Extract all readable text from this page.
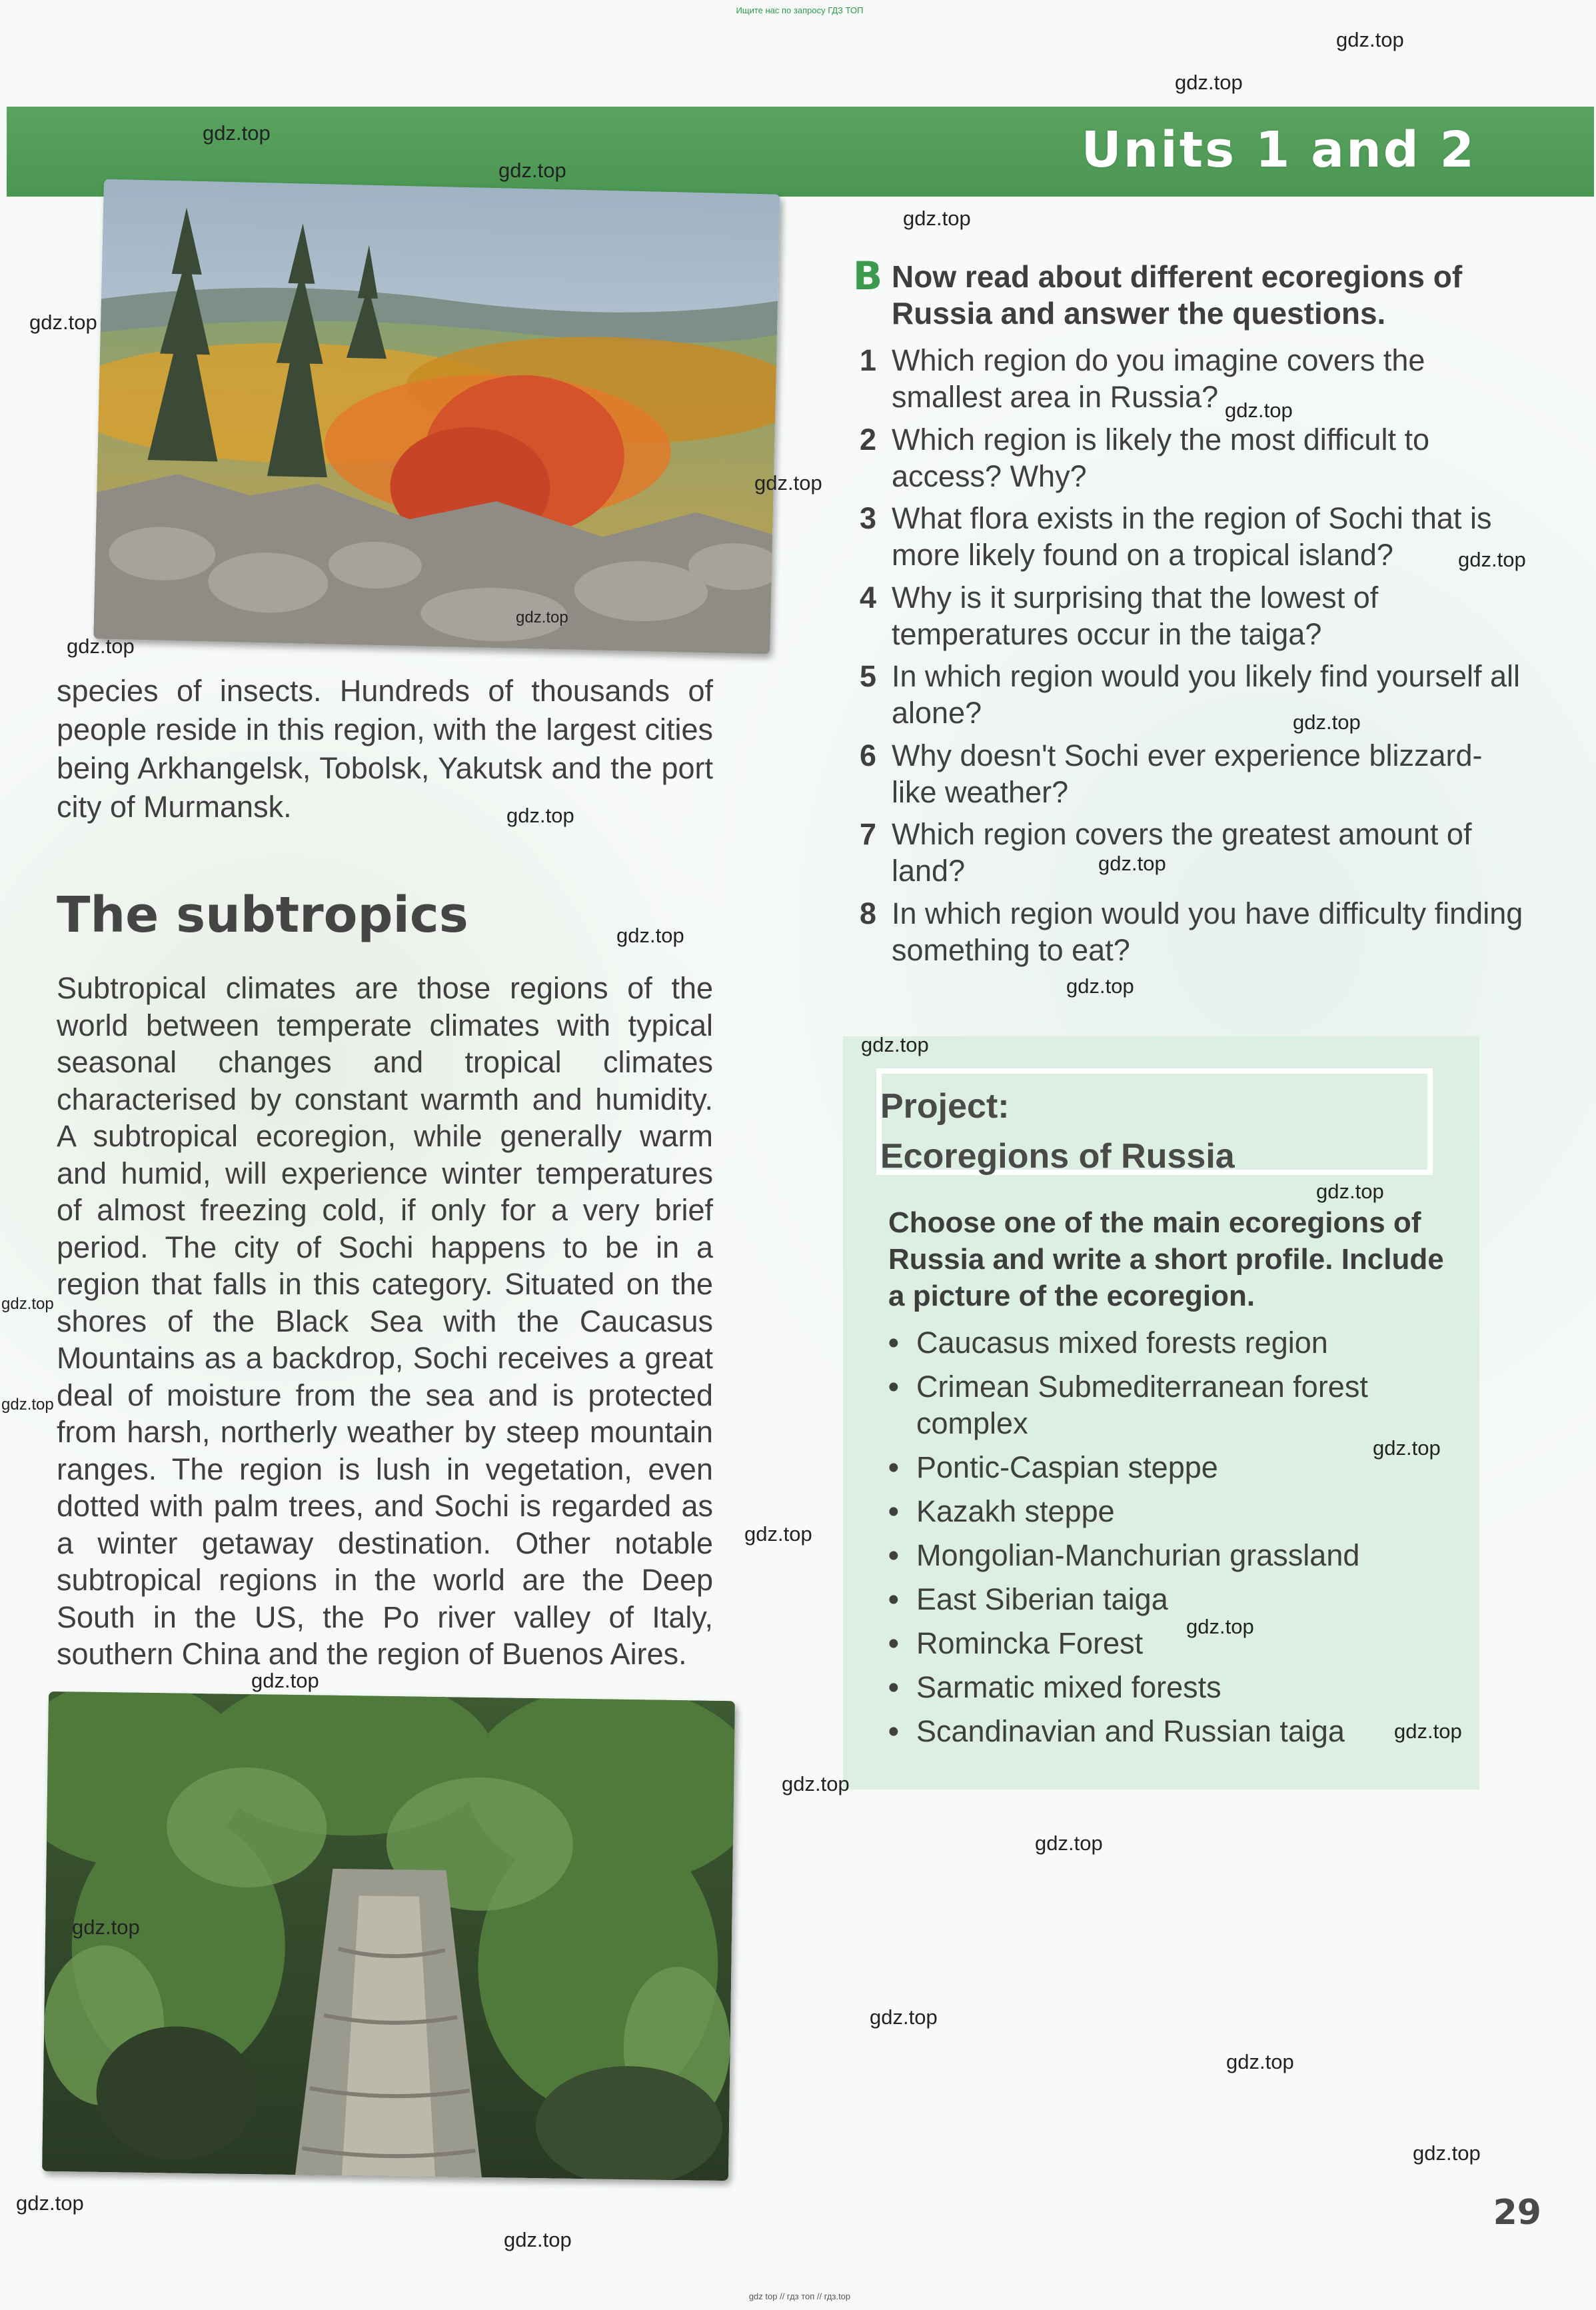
Ищите нас по запросу ГДЗ ТОП
Units 1 and 2
species of insects. Hundreds of thousands of people reside in this region, with the largest cities being Arkhangelsk, Tobolsk, Yakutsk and the port city of Murmansk.
The subtropics
Subtropical climates are those regions of the world between temperate climates with typical seasonal changes and tropical climates characterised by constant warmth and humidity. A subtropical ecoregion, while generally warm and humid, will experience winter temperatures of almost freezing cold, if only for a very brief period. The city of Sochi happens to be in a region that falls in this category. Situated on the shores of the Black Sea with the Caucasus Mountains as a backdrop, Sochi receives a great deal of moisture from the sea and is protected from harsh, northerly weather by steep mountain ranges. The region is lush in vegetation, even dotted with palm trees, and Sochi is regarded as a winter getaway destination. Other notable subtropical regions in the world are the Deep South in the US, the Po river valley of Italy, southern China and the region of Buenos Aires.
B Now read about different ecoregions of Russia and answer the questions.
1 Which region do you imagine covers the smallest area in Russia?
2 Which region is likely the most difficult to access? Why?
3 What flora exists in the region of Sochi that is more likely found on a tropical island?
4 Why is it surprising that the lowest of temperatures occur in the taiga?
5 In which region would you likely find yourself all alone?
6 Why doesn't Sochi ever experience blizzard-like weather?
7 Which region covers the greatest amount of land?
8 In which region would you have difficulty finding something to eat?
Project:
Ecoregions of Russia
Choose one of the main ecoregions of Russia and write a short profile. Include a picture of the ecoregion.
• Caucasus mixed forests region
• Crimean Submediterranean forest complex
• Pontic-Caspian steppe
• Kazakh steppe
• Mongolian-Manchurian grassland
• East Siberian taiga
• Romincka Forest
• Sarmatic mixed forests
• Scandinavian and Russian taiga
29
gdz top // гдз топ // гдз.top
gdz.top
gdz.top
gdz.top
gdz.top
gdz.top
gdz.top
gdz.top
gdz.top
gdz.top
gdz.top
gdz.top
gdz.top
gdz.top
gdz.top
gdz.top
gdz.top
gdz.top
gdz.top
gdz.top
gdz.top
gdz.top
gdz.top
gdz.top
gdz.top
gdz.top
gdz.top
gdz.top
gdz.top
gdz.top
gdz.top
gdz.top
gdz.top
gdz.top
